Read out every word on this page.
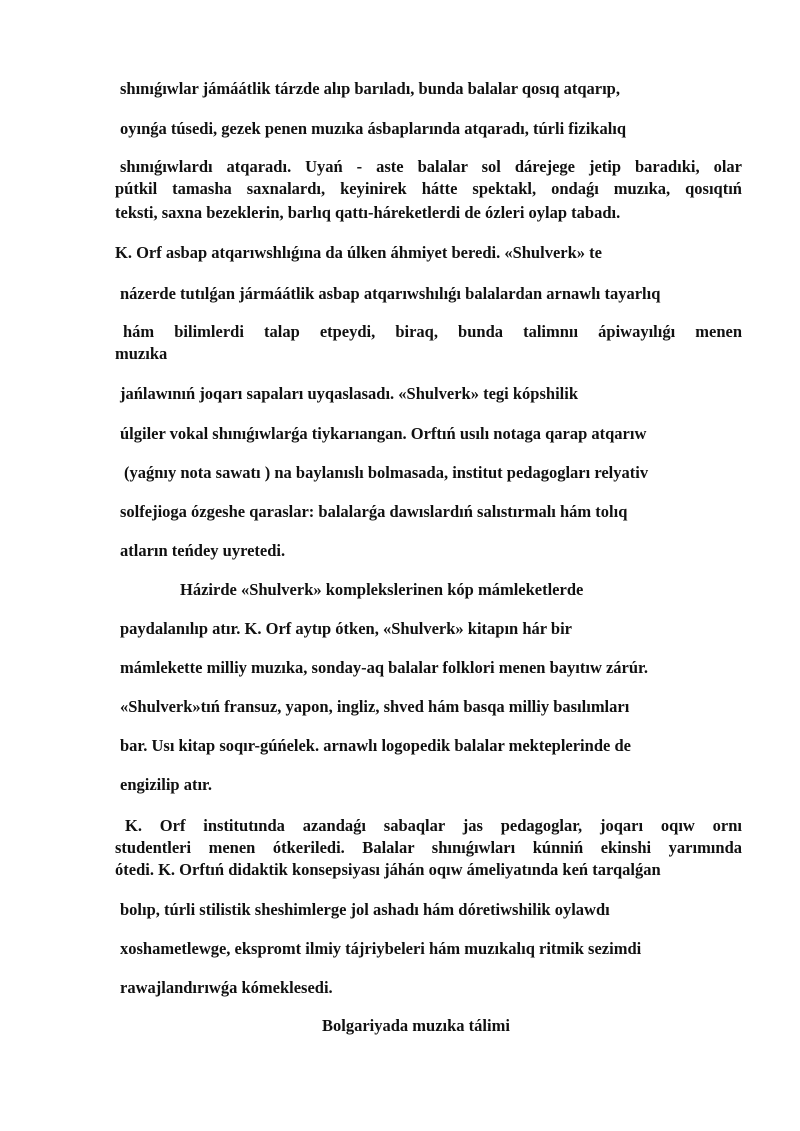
shınıǵıwlar jámáátlik tárzde alıp barıladı, bunda balalar qosıq atqarıp,
oyınǵa túsedi, gezek penen muzıka ásbaplarında atqaradı, túrli fizikalıq
shınıǵıwlardı atqaradı. Uyań - aste balalar sol dárejege jetip baradıki, olar
pútkil tamasha saxnalardı, keyinirek hátte spektakl, ondaǵı muzıka, qosıqtıń
teksti, saxna bezeklerin, barlıq qattı-háreketlerdi de ózleri oylap tabadı.
K. Orf asbap atqarıwshlıǵına da úlken áhmiyet beredi. «Shulverk» te
názerde tutılǵan jármáátlik asbap atqarıwshılıǵı balalardan arnawlı tayarlıq
hám bilimlerdi talap etpeydi, biraq, bunda talimnıı ápiwayılıǵı menen
muzıka
jańlawınıń joqarı sapaları uyqaslasadı. «Shulverk» tegi kópshilik
úlgiler vokal shınıǵıwlarǵa tiykarıangan. Orftıń usılı notaga qarap atqarıw
(yaǵnıy nota sawatı ) na baylanıslı bolmasada, institut pedagogları relyativ
solfejioga ózgeshe qaraslar: balalarǵa dawıslardıń salıstırmalı hám tolıq
atların teńdey uyretedi.
Házirde «Shulverk» komplekslerinen kóp mámleketlerde
paydalanılıp atır. K. Orf aytıp ótken, «Shulverk» kitapın hár bir
mámlekette milliy muzıka, sonday-aq balalar folklori menen bayıtıw zárúr.
«Shulverk»tıń fransuz, yapon, ingliz, shved hám basqa milliy basılımları
bar. Usı kitap soqır-gúńelek. arnawlı logopedik balalar mekteplerinde de
engizilip atır.
K. Orf institutında azandaǵı sabaqlar jas pedagoglar, joqarı oqıw ornı
studentleri menen ótkeriledi. Balalar shınıǵıwları kúnniń ekinshi yarımında
ótedi. K. Orftıń didaktik konsepsiyası jáhán oqıw ámeliyatında keń tarqalǵan
bolıp, túrli stilistik sheshimlerge jol ashadı hám dóretiwshilik oylawdı
xoshametlewge, ekspromt ilmiy tájriybeleri hám muzıkalıq ritmik sezimdi
rawajlandırıwǵa kómeklesedi.
Bolgariyada muzıka tálimi
